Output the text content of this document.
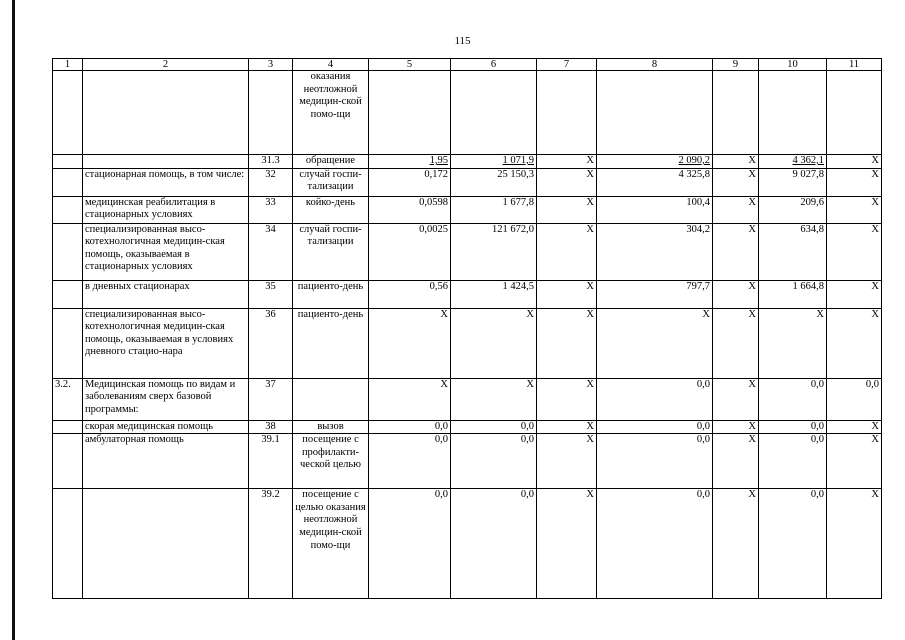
115
1	2	3	4	5	6	7	8	9	10	11
			оказания неотложной медицин-ской помо-щи							
		31.3	обращение	1,95	1 071,9	X	2 090,2	X	4 362,1	X
	стационарная помощь, в том числе:	32	случай госпи-тализации	0,172	25 150,3	X	4 325,8	X	9 027,8	X
	медицинская реабилитация в стационарных условиях	33	койко-день	0,0598	1 677,8	X	100,4	X	209,6	X
	специализированная высо-котехнологичная медицин-ская помощь, оказываемая в стационарных условиях	34	случай госпи-тализации	0,0025	121 672,0	X	304,2	X	634,8	X
	в дневных стационарах	35	пациенто-день	0,56	1 424,5	X	797,7	X	1 664,8	X
	специализированная высо-котехнологичная медицин-ская помощь, оказываемая в условиях дневного стацио-нара	36	пациенто-день	X	X	X	X	X	X	X
3.2.	Медицинская помощь по видам и заболеваниям сверх базовой программы:	37		X	X	X	0,0	X	0,0	0,0
	скорая медицинская помощь	38	вызов	0,0	0,0	X	0,0	X	0,0	X
	амбулаторная помощь	39.1	посещение с профилакти-ческой целью	0,0	0,0	X	0,0	X	0,0	X
		39.2	посещение с целью оказания неотложной медицин-ской помо-щи	0,0	0,0	X	0,0	X	0,0	X
